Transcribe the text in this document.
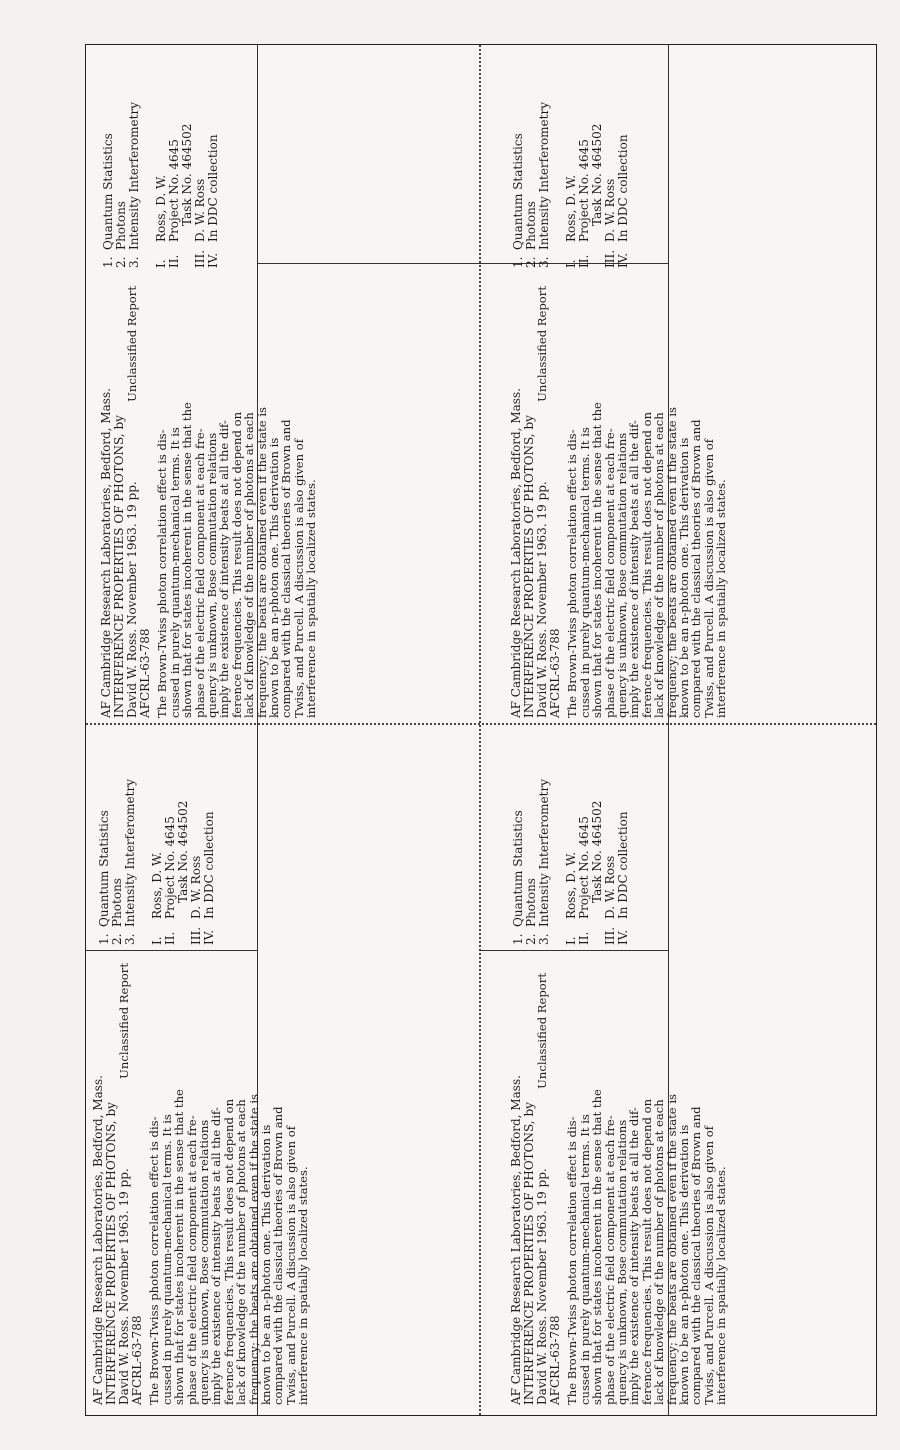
AF Cambridge Research Laboratories, Bedford, Mass. INTERFERENCE PROPERTIES OF PHOTONS, by David W. Ross. November 1963. 19 pp. AFCRL-63-788
Unclassified Report
The Brown-Twiss photon correlation effect is dis-
cussed in purely quantum-mechanical terms. It is
shown that for states incoherent in the sense that the
phase of the electric field component at each fre-
quency is unknown, Bose commutation relations
imply the existence of intensity beats at all the dif-
ference frequencies. This result does not depend on
lack of knowledge of the number of photons at each
frequency; the beats are obtained even if the state is
known to be an n-photon one. This derivation is
compared with the classical theories of Brown and
Twiss, and Purcell. A discussion is also given of
interference in spatially localized states.
1.
Quantum Statistics
2.
Photons
3.
Intensity Interferometry
I.
Ross, D. W.
II.
Project No. 4645 Task No. 464502
III.
D. W. Ross
IV.
In DDC collection
AF Cambridge Research Laboratories, Bedford, Mass. INTERFERENCE PROPERTIES OF PHOTONS, by David W. Ross. November 1963. 19 pp. AFCRL-63-788
Unclassified Report
The Brown-Twiss photon correlation effect is dis-
cussed in purely quantum-mechanical terms. It is
shown that for states incoherent in the sense that the
phase of the electric field component at each fre-
quency is unknown, Bose commutation relations
imply the existence of intensity beats at all the dif-
ference frequencies. This result does not depend on
lack of knowledge of the number of photons at each
frequency; the beats are obtained even if the state is
known to be an n-photon one. This derivation is
compared with the classical theories of Brown and
Twiss, and Purcell. A discussion is also given of
interference in spatially localized states.
1.
Quantum Statistics
2.
Photons
3.
Intensity Interferometry
I.
Ross, D. W.
II.
Project No. 4645 Task No. 464502
III.
D. W. Ross
IV.
In DDC collection
1.
Quantum Statistics
2.
Photons
3.
Intensity Interferometry
I.
Ross, D. W.
II.
Project No. 4645 Task No. 464502
III.
D. W. Ross
IV.
In DDC collection
AF Cambridge Research Laboratories, Bedford, Mass. INTERFERENCE PROPERTIES OF PHOTONS, by David W. Ross. November 1963. 19 pp. AFCRL-63-788
Unclassified Report
The Brown-Twiss photon correlation effect is dis-
cussed in purely quantum-mechanical terms. It is
shown that for states incoherent in the sense that the
phase of the electric field component at each fre-
quency is unknown, Bose commutation relations
imply the existence of intensity beats at all the dif-
ference frequencies. This result does not depend on
lack of knowledge of the number of photons at each
frequency; the beats are obtained even if the state is
known to be an n-photon one. This derivation is
compared with the classical theories of Brown and
Twiss, and Purcell. A discussion is also given of
interference in spatially localized states.
1.
Quantum Statistics
2.
Photons
3.
Intensity Interferometry
I.
Ross, D. W.
II.
Project No. 4645 Task No. 464502
III.
D. W. Ross
IV.
In DDC collection
AF Cambridge Research Laboratories, Bedford, Mass. INTERFERENCE PROPERTIES OF PHOTONS, by David W. Ross. November 1963. 19 pp. AFCRL-63-788
Unclassified Report
The Brown-Twiss photon correlation effect is dis-
cussed in purely quantum-mechanical terms. It is
shown that for states incoherent in the sense that the
phase of the electric field component at each fre-
quency is unknown, Bose commutation relations
imply the existence of intensity beats at all the dif-
ference frequencies. This result does not depend on
lack of knowledge of the number of photons at each
frequency; the beats are obtained even if the state is
known to be an n-photon one. This derivation is
compared with the classical theories of Brown and
Twiss, and Purcell. A discussion is also given of
interference in spatially localized states.
